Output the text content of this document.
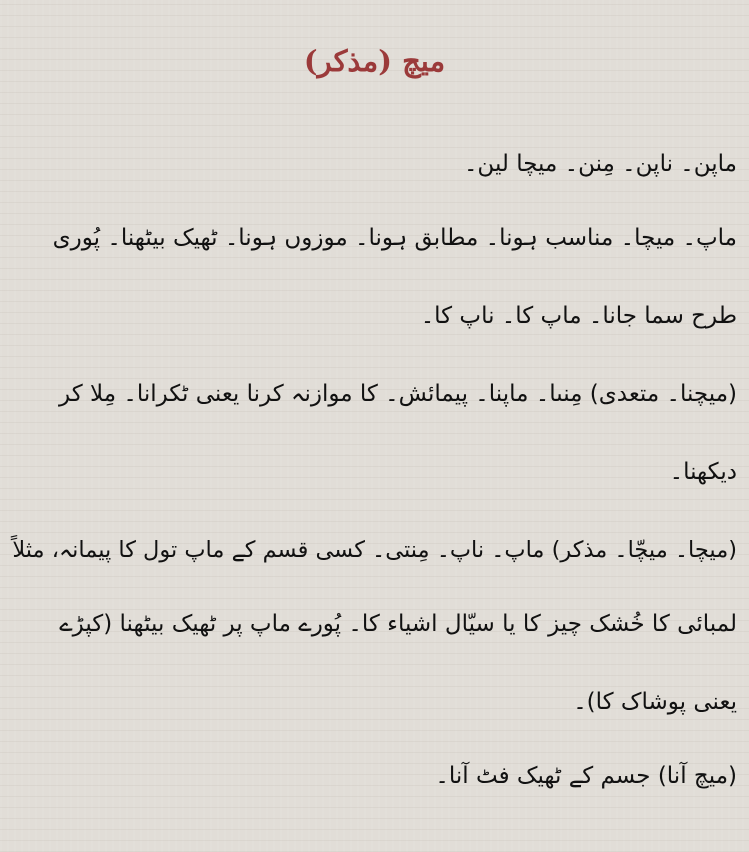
میچ (مذکر)
ماپن۔ ناپن۔ مِنن۔ میچا لین۔
ماپ۔ میچا۔ مناسب ہونا۔ مطابق ہونا۔ موزوں ہونا۔ ٹھیک بیٹھنا۔ پُوری
طرح سما جانا۔ ماپ کا۔ ناپ کا۔
(میچنا۔ متعدی) مِنںا۔ ماپنا۔ پیمائش۔ کا موازنہ کرنا یعنی ٹکرانا۔ مِلا کر
دیکھنا۔
(میچا۔ میچّا۔ مذکر) ماپ۔ ناپ۔ مِنتی۔ کسی قسم کے ماپ تول کا پیمانہ، مثلاً
لمبائی کا خُشک چیز کا یا سیّال اشیاء کا۔ پُورے ماپ پر ٹھیک بیٹھنا (کپڑے
یعنی پوشاک کا)۔
(میچ آنا) جسم کے ٹھیک فٹ آنا۔
